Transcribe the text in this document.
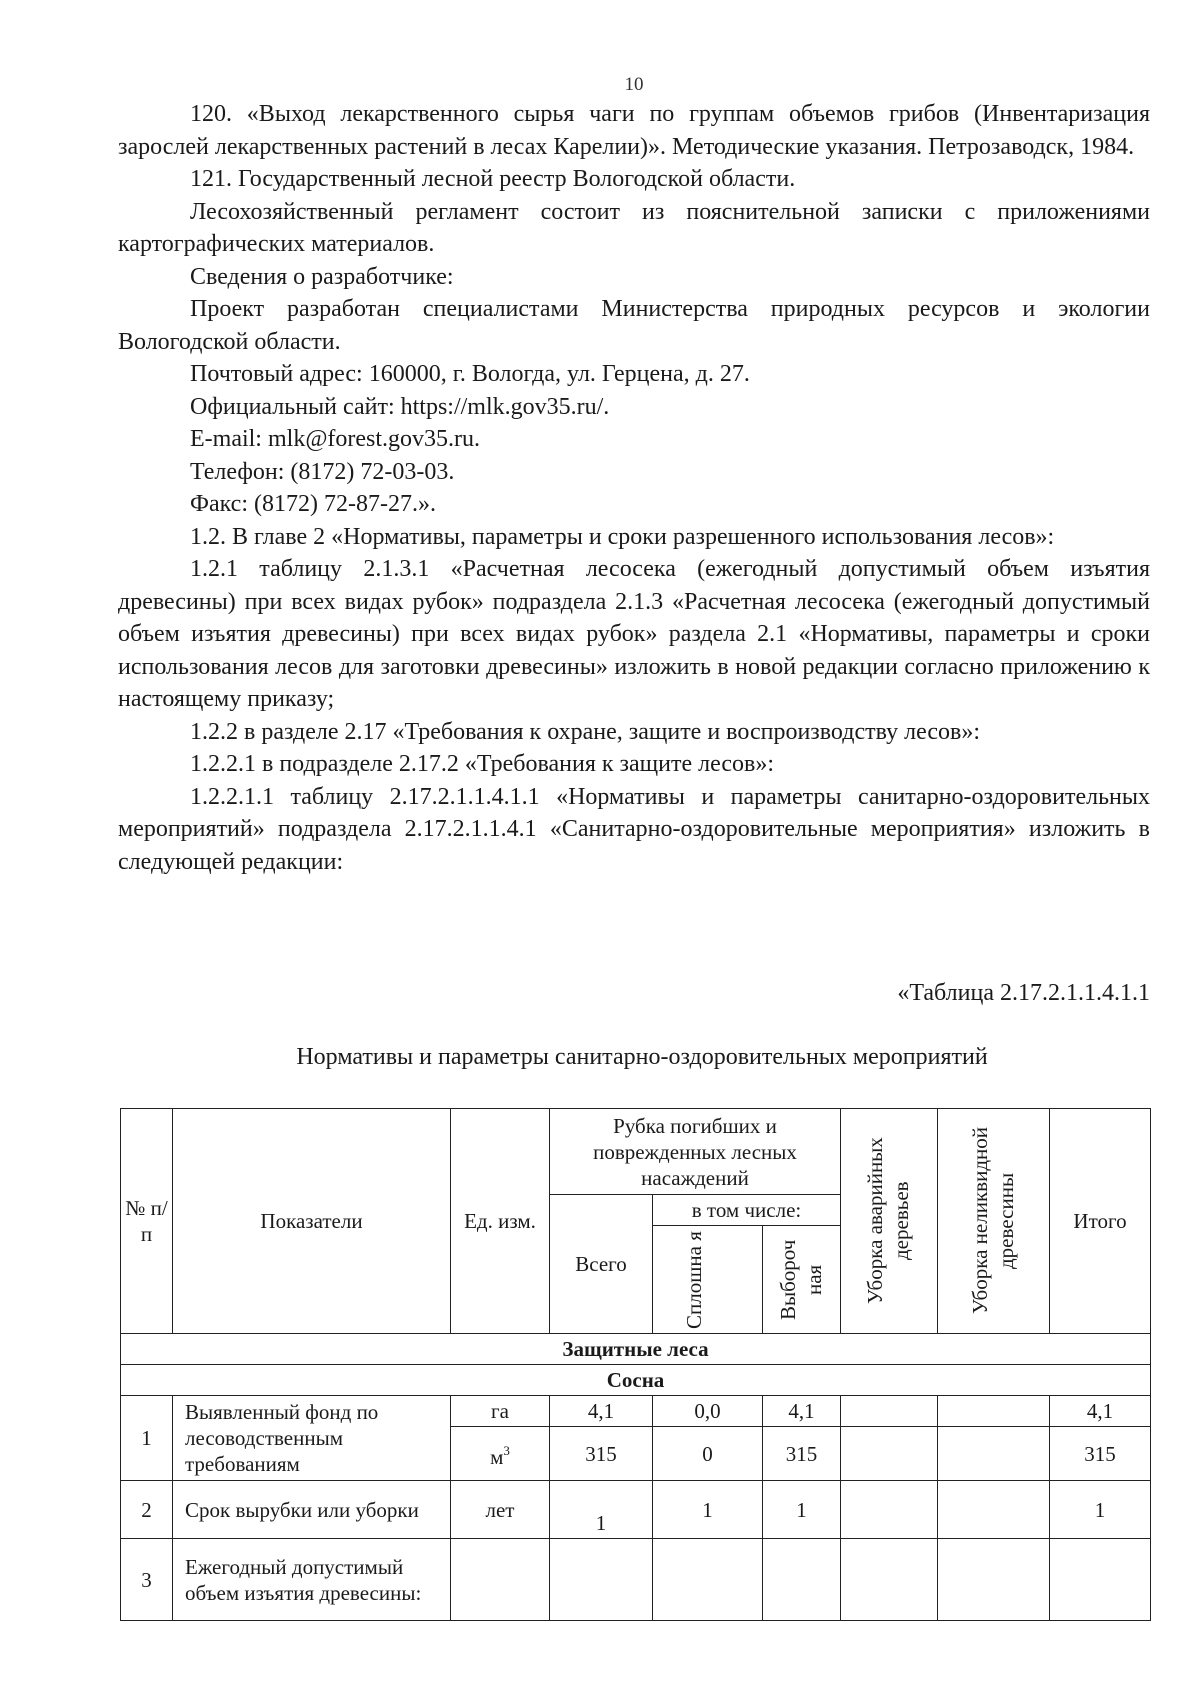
10

120. «Выход лекарственного сырья чаги по группам объемов грибов (Инвентаризация зарослей лекарственных растений в лесах Карелии)». Методические указания. Петрозаводск, 1984.

121. Государственный лесной реестр Вологодской области.

Лесохозяйственный регламент состоит из пояснительной записки с приложениями картографических материалов.

Сведения о разработчике:

Проект разработан специалистами Министерства природных ресурсов и экологии Вологодской области.

Почтовый адрес: 160000, г. Вологда, ул. Герцена, д. 27.

Официальный сайт: https://mlk.gov35.ru/.

E-mail: mlk@forest.gov35.ru.

Телефон: (8172) 72-03-03.

Факс: (8172) 72-87-27.».

1.2. В главе 2 «Нормативы, параметры и сроки разрешенного использования лесов»:

1.2.1 таблицу 2.1.3.1 «Расчетная лесосека (ежегодный допустимый объем изъятия древесины) при всех видах рубок» подраздела 2.1.3 «Расчетная лесосека (ежегодный допустимый объем изъятия древесины) при всех видах рубок» раздела 2.1 «Нормативы, параметры и сроки использования лесов для заготовки древесины» изложить в новой редакции согласно приложению к настоящему приказу;

1.2.2 в разделе 2.17 «Требования к охране, защите и воспроизводству лесов»:

1.2.2.1 в подразделе 2.17.2 «Требования к защите лесов»:

1.2.2.1.1 таблицу 2.17.2.1.1.4.1.1 «Нормативы и параметры санитарно-оздоровительных мероприятий» подраздела 2.17.2.1.1.4.1 «Санитарно-оздоровительные мероприятия» изложить в следующей редакции:

«Таблица 2.17.2.1.1.4.1.1
Нормативы и параметры санитарно-оздоровительных мероприятий
№ п/п	Показатели	Ед. изм.	Рубка погибших и поврежденных лесных насаждений			Уборка аварийных деревьев	Уборка неликвидной древесины	Итого
			Всего	в том числе:				

				Сплошна я	Выбороч ная			

Защитные леса								
Сосна								
1	Выявленный фонд по лесоводственным требованиям	га	4,1	0,0	4,1			4,1
		$м^3$	315	0	315			315
2	Срок вырубки или уборки	лет	1	1	1			1
3	Ежегодный допустимый объем изъятия древесины:							
